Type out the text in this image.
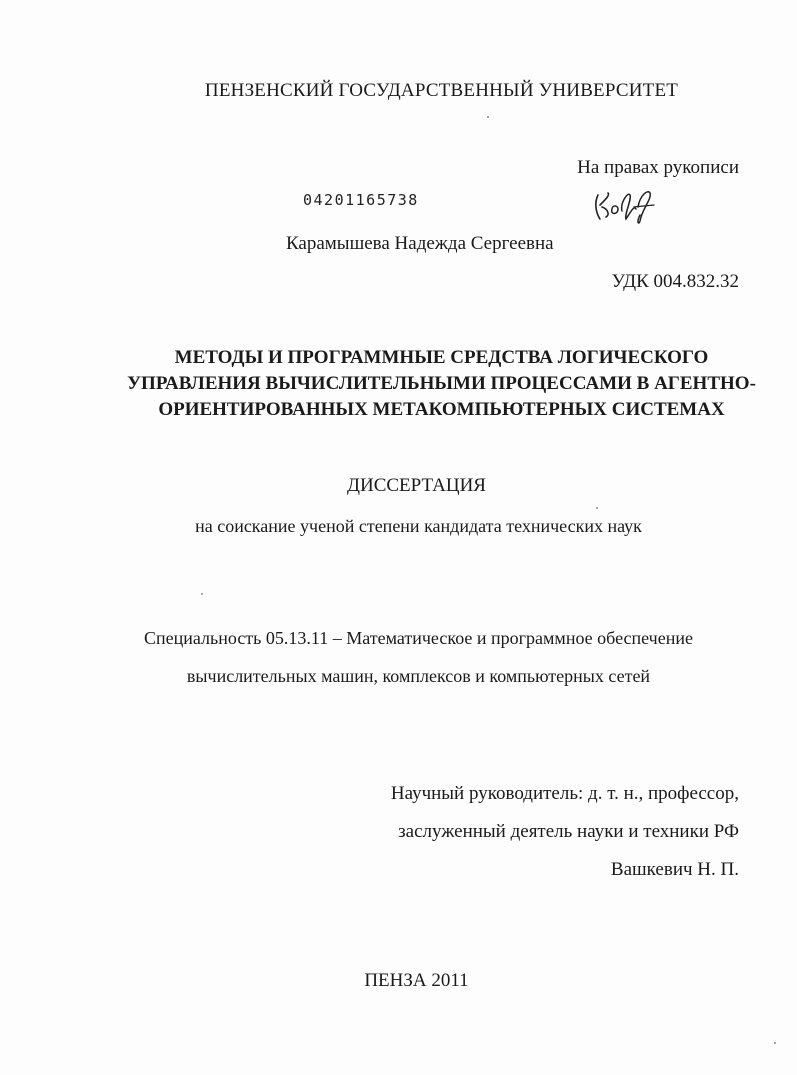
ПЕНЗЕНСКИЙ ГОСУДАРСТВЕННЫЙ УНИВЕРСИТЕТ
На правах рукописи
04201165738
Карамышева Надежда Сергеевна
УДК 004.832.32
МЕТОДЫ И ПРОГРАММНЫЕ СРЕДСТВА ЛОГИЧЕСКОГО
УПРАВЛЕНИЯ ВЫЧИСЛИТЕЛЬНЫМИ ПРОЦЕССАМИ В АГЕНТНО-
ОРИЕНТИРОВАННЫХ МЕТАКОМПЬЮТЕРНЫХ СИСТЕМАХ
ДИССЕРТАЦИЯ
на соискание ученой степени кандидата технических наук
Специальность 05.13.11 – Математическое и программное обеспечение
вычислительных машин, комплексов и компьютерных сетей
Научный руководитель: д. т. н., профессор,
заслуженный деятель науки и техники РФ
Вашкевич Н. П.
ПЕНЗА 2011
